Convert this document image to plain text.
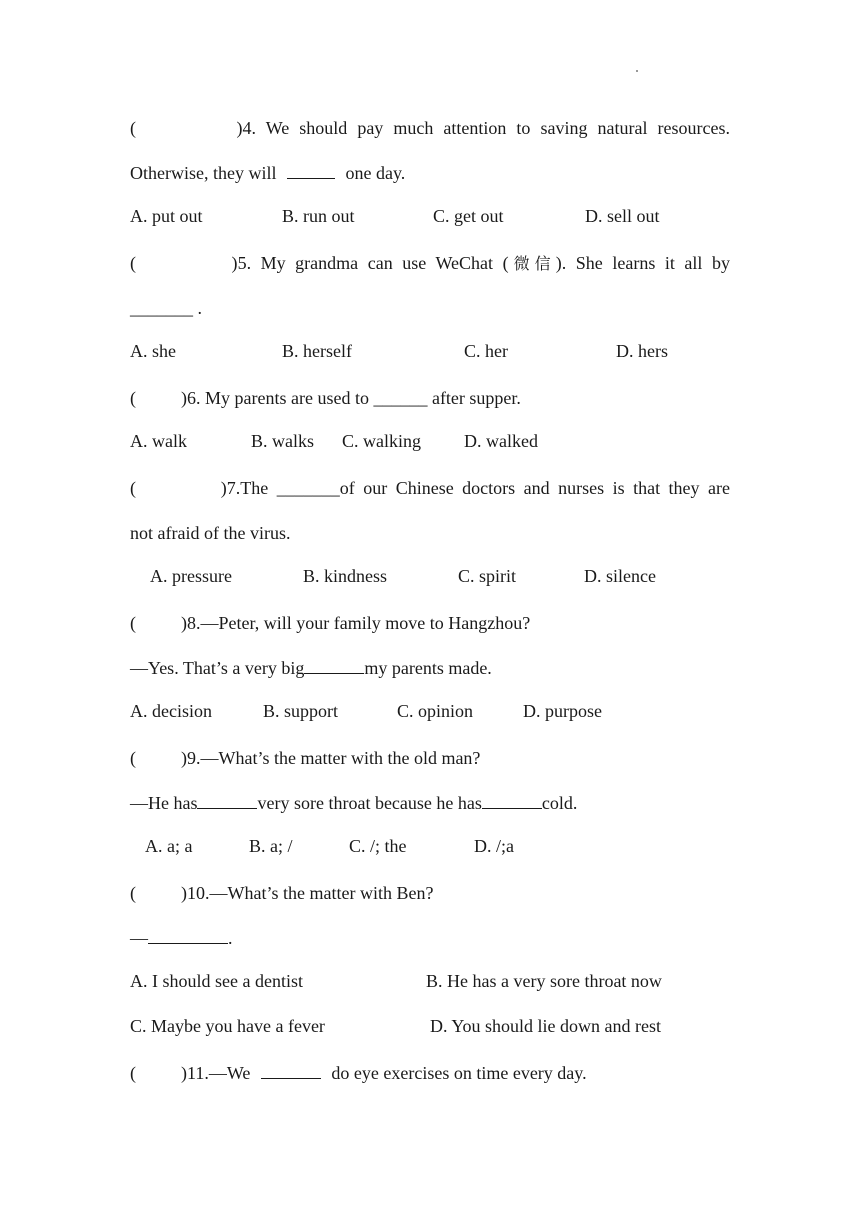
(          )4. We should pay much attention to saving natural resources.
Otherwise, they will	one day.
A. put out	B. run out	C. get out	D. sell out
(          )5. My grandma can use WeChat (微信). She learns it all by
_______ .
A. she	B. herself	C. her	D. hers
(          )6. My parents are used to ______ after supper.
A. walk	B. walks C. walking D. walked
(          )7.The _______of our Chinese doctors and nurses is that they are
not afraid of the virus.
A. pressure	B. kindness	C. spirit	D. silence
(          )8.—Peter, will your family move to Hangzhou?
—Yes. That’s a very big	my parents made.
A. decision	B. support	C. opinion	D. purpose
(          )9.—What’s the matter with the old man?
—He has	very sore throat because he has	cold.
A. a; a	B. a; /	C. /; the	D. /;a
(          )10.—What’s the matter with Ben?
—	.
A. I should see a dentist	B. He has a very sore throat now
C. Maybe you have a fever	D. You should lie down and rest
(          )11.—We	do eye exercises on time every day.
